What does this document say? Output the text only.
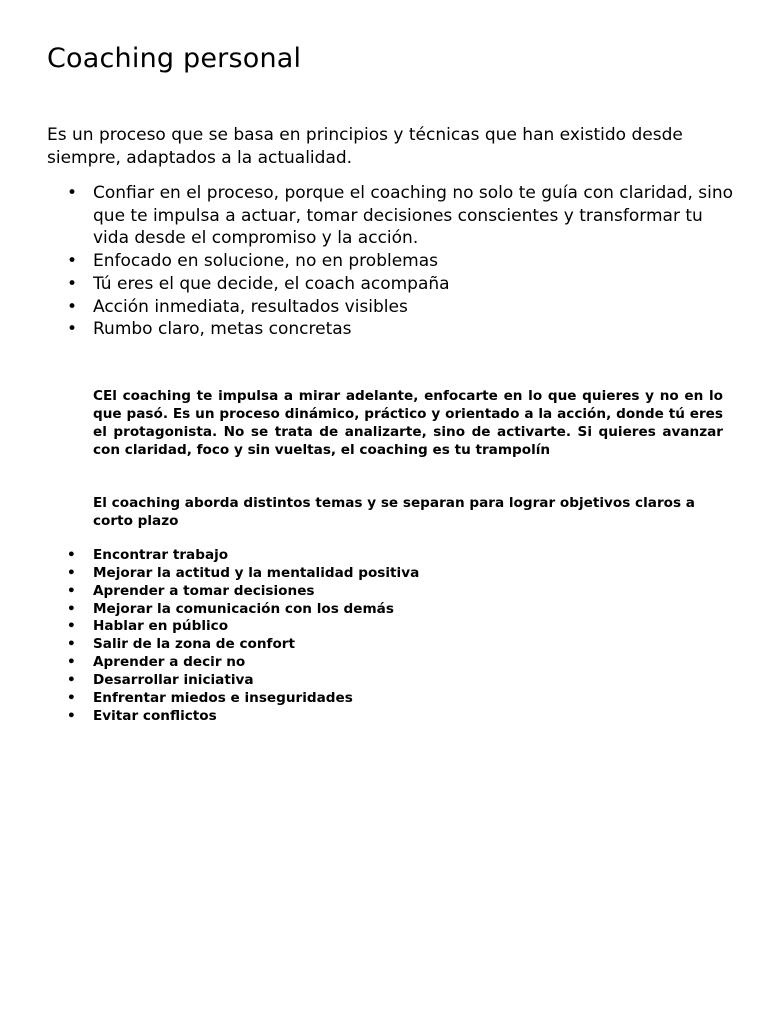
Coaching personal

Es un proceso que se basa en principios y técnicas que han existido desde siempre, adaptados a la actualidad.

• Confiar en el proceso, porque el coaching no solo te guía con claridad, sino que te impulsa a actuar, tomar decisiones conscientes y transformar tu vida desde el compromiso y la acción.
• Enfocado en solucione, no en problemas
• Tú eres el que decide, el coach acompaña
• Acción inmediata, resultados visibles
• Rumbo claro, metas concretas

CEl coaching te impulsa a mirar adelante, enfocarte en lo que quieres y no en lo que pasó. Es un proceso dinámico, práctico y orientado a la acción, donde tú eres el protagonista. No se trata de analizarte, sino de activarte. Si quieres avanzar con claridad, foco y sin vueltas, el coaching es tu trampolín

El coaching aborda distintos temas y se separan para lograr objetivos claros a corto plazo

• Encontrar trabajo
• Mejorar la actitud y la mentalidad positiva
• Aprender a tomar decisiones
• Mejorar la comunicación con los demás
• Hablar en público
• Salir de la zona de confort
• Aprender a decir no
• Desarrollar iniciativa
• Enfrentar miedos e inseguridades
• Evitar conflictos
